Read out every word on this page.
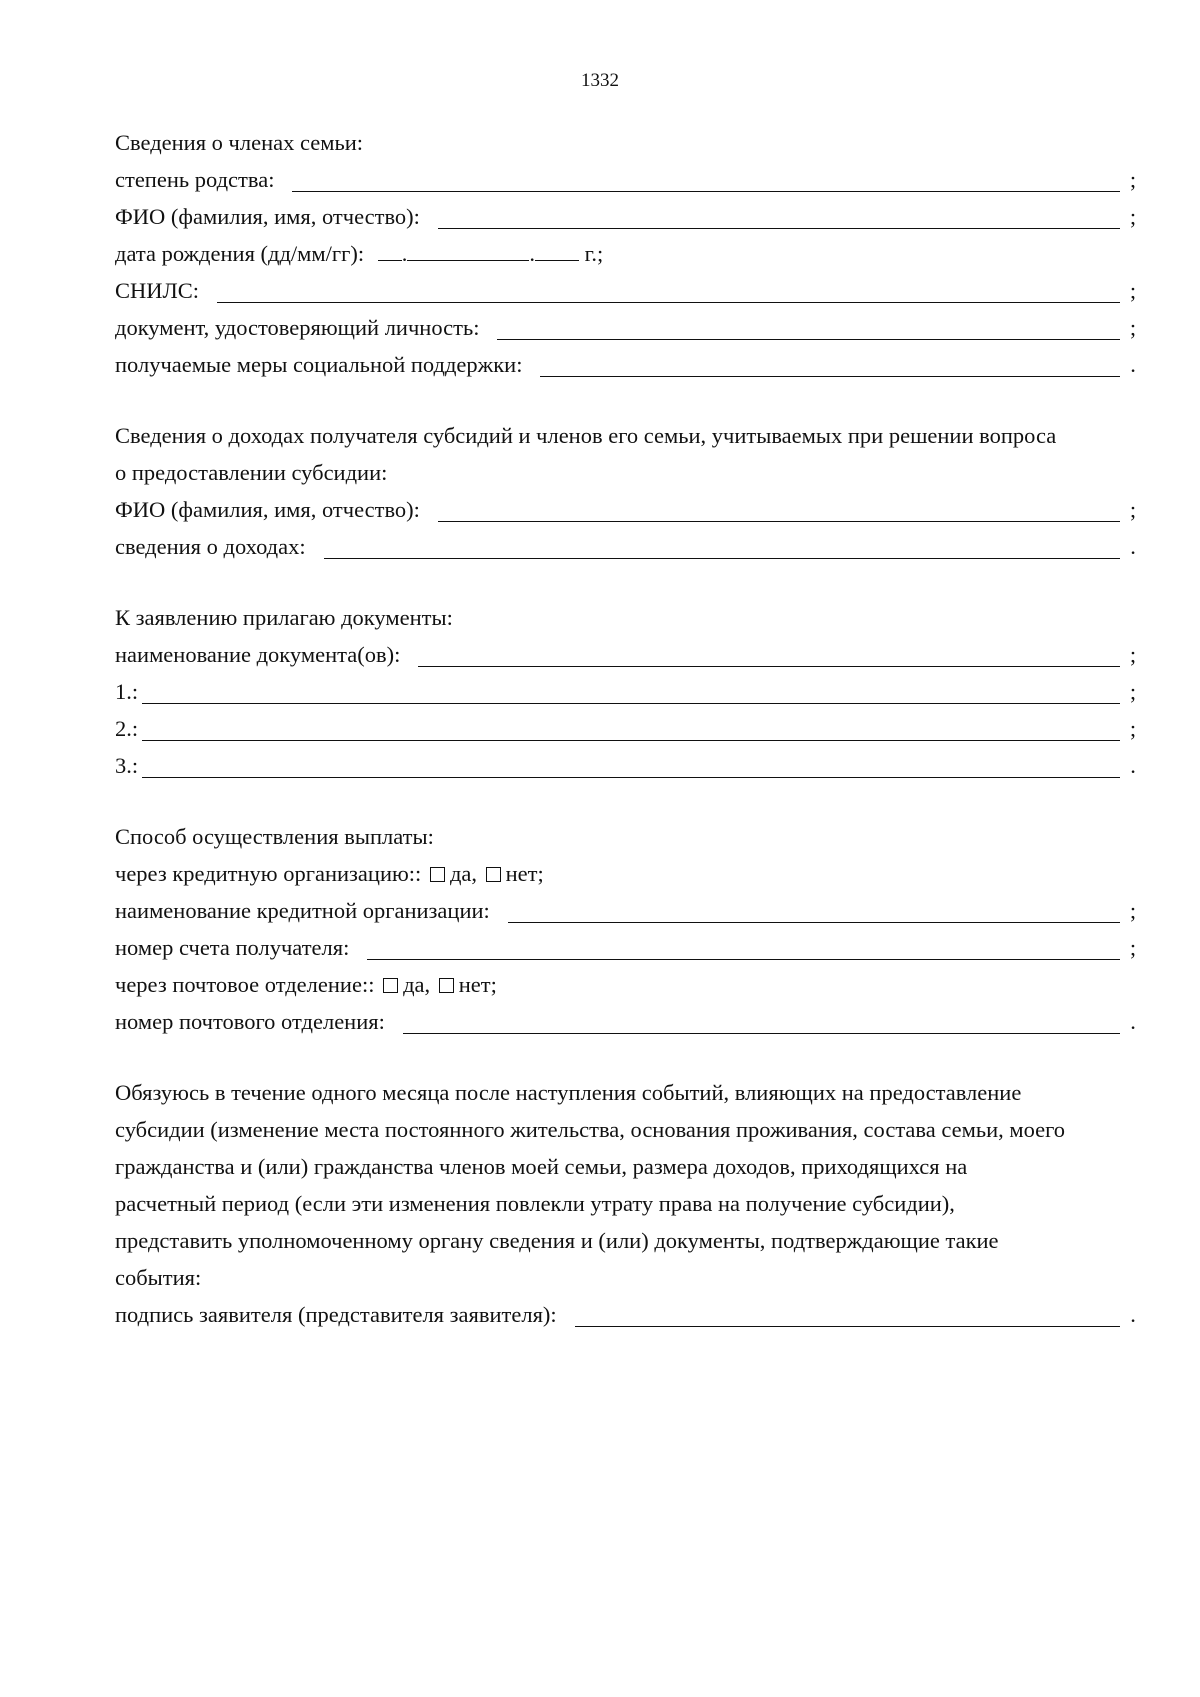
1332
Сведения о членах семьи:
степень родства:	;
ФИО (фамилия, имя, отчество):	;
дата рождения (дд/мм/гг): .	. г.;
СНИЛС:	;
документ, удостоверяющий личность:	;
получаемые меры социальной поддержки:	.
Сведения о доходах получателя субсидий и членов его семьи, учитываемых при решении вопроса
о предоставлении субсидии:
ФИО (фамилия, имя, отчество):	;
сведения о доходах:	.
К заявлению прилагаю документы:
наименование документа(ов):	;
1.:	;
2.:	;
3.:	.
Способ осуществления выплаты:
через кредитную организацию:: да, нет;
наименование кредитной организации:	;
номер счета получателя:	;
через почтовое отделение:: да, нет;
номер почтового отделения:	.
Обязуюсь в течение одного месяца после наступления событий, влияющих на предоставление
субсидии (изменение места постоянного жительства, основания проживания, состава семьи, моего
гражданства и (или) гражданства членов моей семьи, размера доходов, приходящихся на
расчетный период (если эти изменения повлекли утрату права на получение субсидии),
представить уполномоченному органу сведения и (или) документы, подтверждающие такие
события:
подпись заявителя (представителя заявителя):	.
